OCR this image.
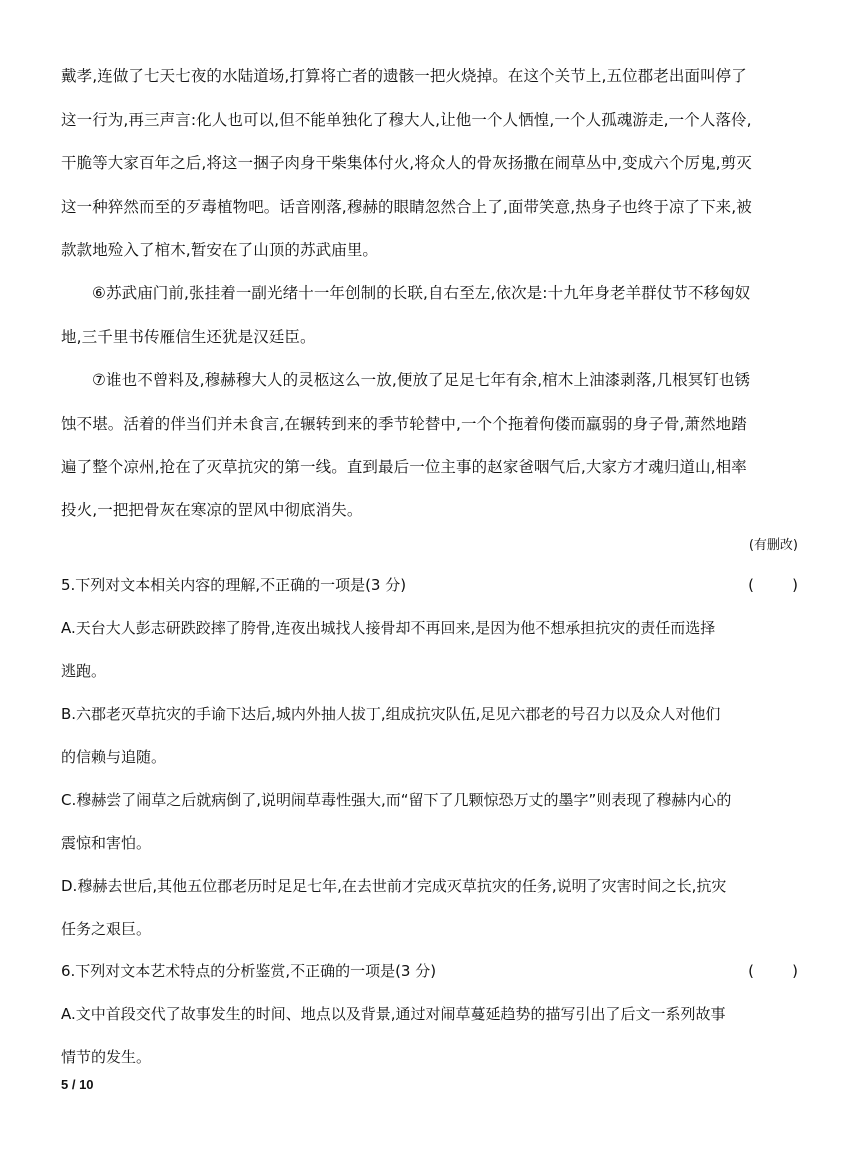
戴孝,连做了七天七夜的水陆道场,打算将亡者的遗骸一把火烧掉。在这个关节上,五位郡老出面叫停了
这一行为,再三声言:化人也可以,但不能单独化了穆大人,让他一个人恓惶,一个人孤魂游走,一个人落伶,
干脆等大家百年之后,将这一捆子肉身干柴集体付火,将众人的骨灰扬撒在闹草丛中,变成六个厉鬼,剪灭
这一种猝然而至的歹毒植物吧。话音刚落,穆赫的眼睛忽然合上了,面带笑意,热身子也终于凉了下来,被
款款地殓入了棺木,暂安在了山顶的苏武庙里。
⑥苏武庙门前,张挂着一副光绪十一年创制的长联,自右至左,依次是:十九年身老羊群仗节不移匈奴
地,三千里书传雁信生还犹是汉廷臣。
⑦谁也不曾料及,穆赫穆大人的灵柩这么一放,便放了足足七年有余,棺木上油漆剥落,几根冥钉也锈
蚀不堪。活着的伴当们并未食言,在辗转到来的季节轮替中,一个个拖着佝偻而羸弱的身子骨,萧然地踏
遍了整个凉州,抢在了灭草抗灾的第一线。直到最后一位主事的赵家爸咽气后,大家方才魂归道山,相率
投火,一把把骨灰在寒凉的罡风中彻底消失。
(有删改)
5.下列对文本相关内容的理解,不正确的一项是(3 分)	(        )
A.天台大人彭志研跌跤摔了胯骨,连夜出城找人接骨却不再回来,是因为他不想承担抗灾的责任而选择
逃跑。
B.六郡老灭草抗灾的手谕下达后,城内外抽人拔丁,组成抗灾队伍,足见六郡老的号召力以及众人对他们
的信赖与追随。
C.穆赫尝了闹草之后就病倒了,说明闹草毒性强大,而“留下了几颗惊恐万丈的墨字”则表现了穆赫内心的
震惊和害怕。
D.穆赫去世后,其他五位郡老历时足足七年,在去世前才完成灭草抗灾的任务,说明了灾害时间之长,抗灾
任务之艰巨。
6.下列对文本艺术特点的分析鉴赏,不正确的一项是(3 分)	(        )
A.文中首段交代了故事发生的时间、地点以及背景,通过对闹草蔓延趋势的描写引出了后文一系列故事
情节的发生。
5 / 10
